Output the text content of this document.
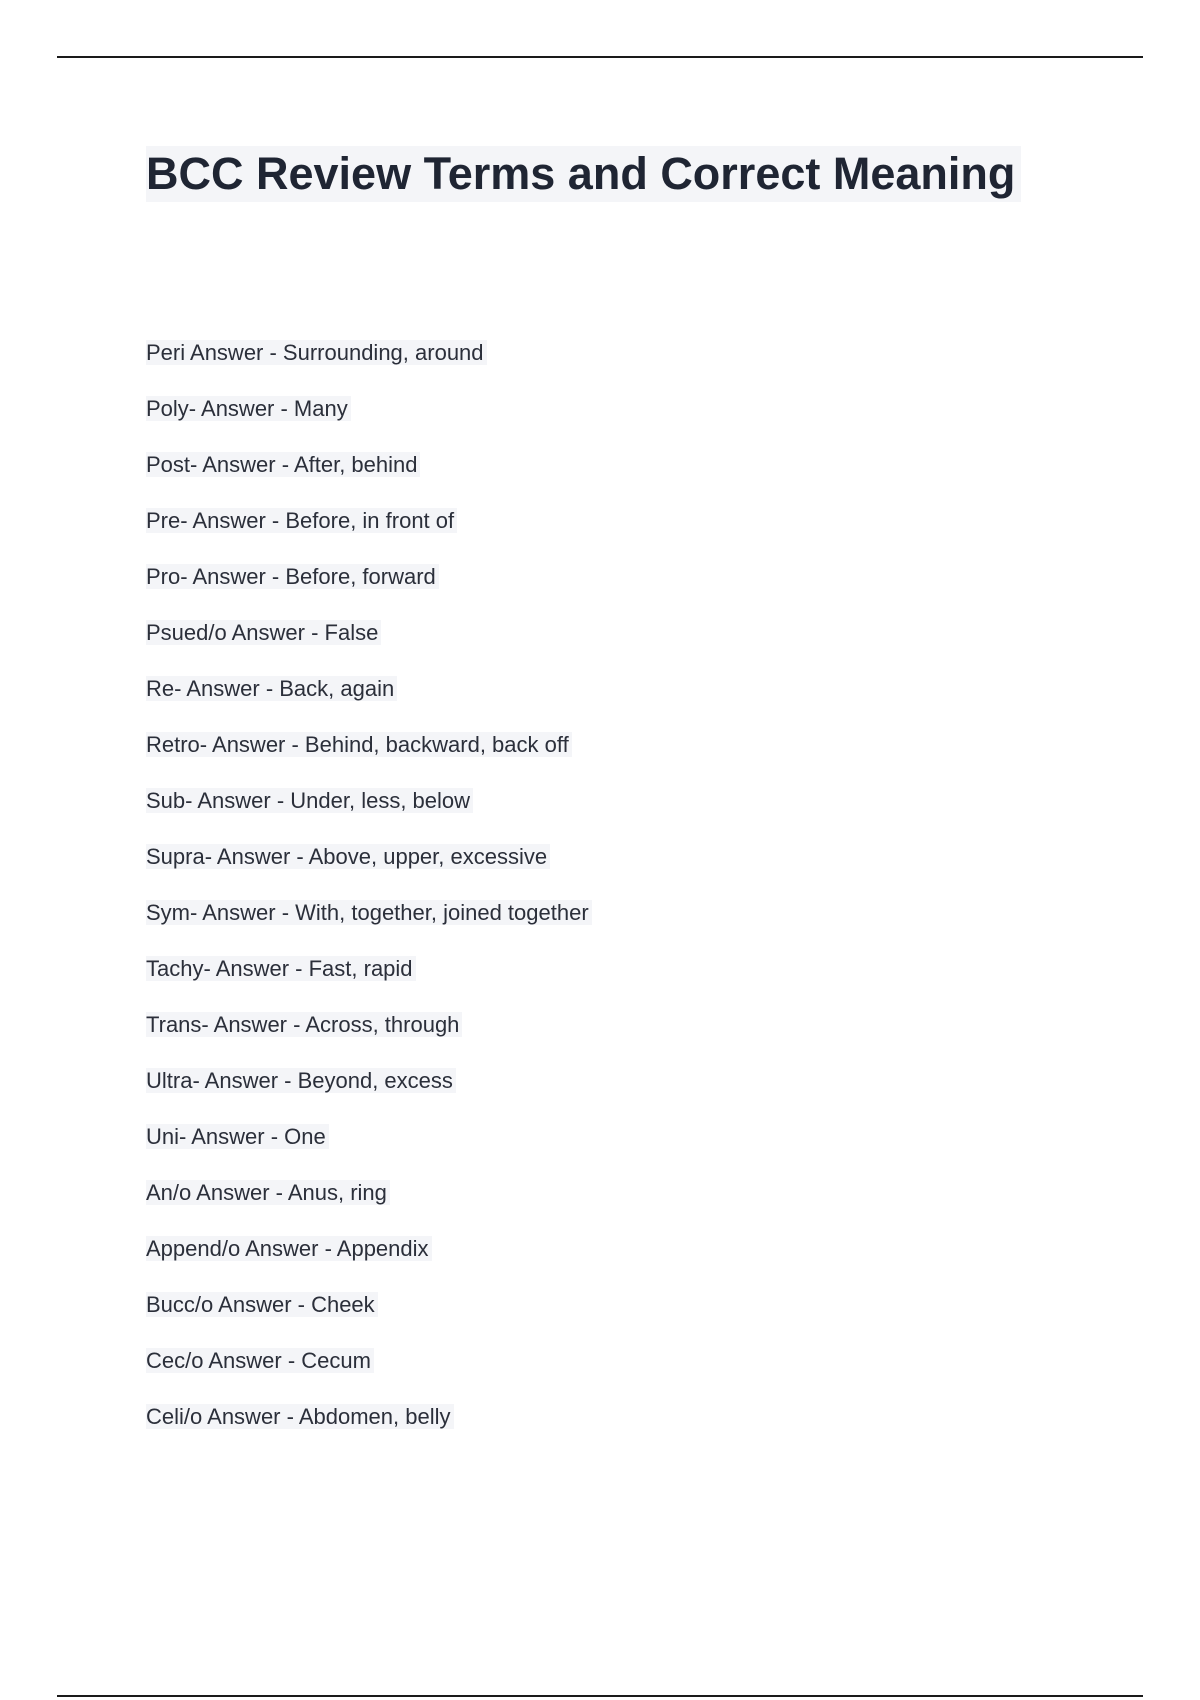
BCC Review Terms and Correct Meaning
Peri Answer - Surrounding, around
Poly- Answer - Many
Post- Answer - After, behind
Pre- Answer - Before, in front of
Pro- Answer - Before, forward
Psued/o Answer - False
Re- Answer - Back, again
Retro- Answer - Behind, backward, back off
Sub- Answer - Under, less, below
Supra- Answer - Above, upper, excessive
Sym- Answer - With, together, joined together
Tachy- Answer - Fast, rapid
Trans- Answer - Across, through
Ultra- Answer - Beyond, excess
Uni- Answer - One
An/o Answer - Anus, ring
Append/o Answer - Appendix
Bucc/o Answer - Cheek
Cec/o Answer - Cecum
Celi/o Answer - Abdomen, belly
